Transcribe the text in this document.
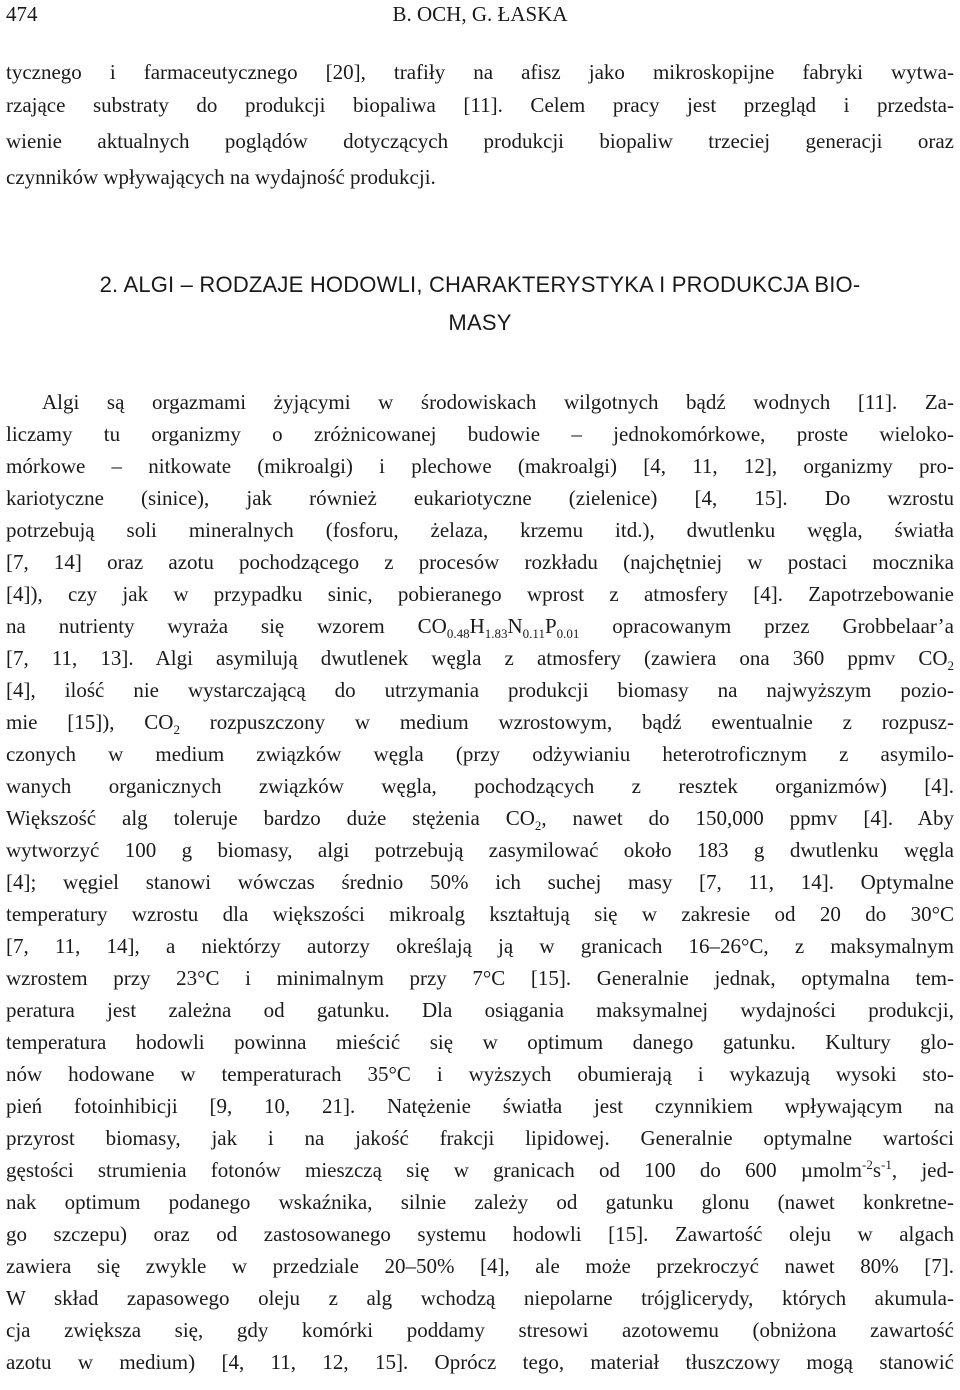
474	B. OCH, G. ŁASKA
tycznego i farmaceutycznego [20], trafiły na afisz jako mikroskopijne fabryki wytwa-
rzające substraty do produkcji biopaliwa [11]. Celem pracy jest przegląd i przedsta-
wienie aktualnych poglądów dotyczących produkcji biopaliw trzeciej generacji oraz
czynników wpływających na wydajność produkcji.
2. ALGI – RODZAJE HODOWLI, CHARAKTERYSTYKA I PRODUKCJA BIO-
MASY
Algi są orgazmami żyjącymi w środowiskach wilgotnych bądź wodnych [11]. Za-
liczamy tu organizmy o zróżnicowanej budowie – jednokomórkowe, proste wieloko-
mórkowe – nitkowate (mikroalgi) i plechowe (makroalgi) [4, 11, 12], organizmy pro-
kariotyczne (sinice), jak również eukariotyczne (zielenice) [4, 15]. Do wzrostu
potrzebują soli mineralnych (fosforu, żelaza, krzemu itd.), dwutlenku węgla, światła
[7, 14] oraz azotu pochodzącego z procesów rozkładu (najchętniej w postaci mocznika
[4]), czy jak w przypadku sinic, pobieranego wprost z atmosfery [4]. Zapotrzebowanie
na nutrienty wyraża się wzorem $CO_{0.48}H_{1.83}N_{0.11}P_{0.01}$ opracowanym przez Grobbelaar’a
[7, 11, 13]. Algi asymilują dwutlenek węgla z atmosfery (zawiera ona 360 ppmv $CO_2$
[4], ilość nie wystarczającą do utrzymania produkcji biomasy na najwyższym pozio-
mie [15]), $CO_2$ rozpuszczony w medium wzrostowym, bądź ewentualnie z rozpusz-
czonych w medium związków węgla (przy odżywianiu heterotroficznym z asymilo-
wanych organicznych związków węgla, pochodzących z resztek organizmów) [4].
Większość alg toleruje bardzo duże stężenia $CO_2$, nawet do 150,000 ppmv [4]. Aby
wytworzyć 100 g biomasy, algi potrzebują zasymilować około 183 g dwutlenku węgla
[4]; węgiel stanowi wówczas średnio 50% ich suchej masy [7, 11, 14]. Optymalne
temperatury wzrostu dla większości mikroalg kształtują się w zakresie od 20 do 30°C
[7, 11, 14], a niektórzy autorzy określają ją w granicach 16–26°C, z maksymalnym
wzrostem przy 23°C i minimalnym przy 7°C [15]. Generalnie jednak, optymalna tem-
peratura jest zależna od gatunku. Dla osiągania maksymalnej wydajności produkcji,
temperatura hodowli powinna mieścić się w optimum danego gatunku. Kultury glo-
nów hodowane w temperaturach 35°C i wyższych obumierają i wykazują wysoki sto-
pień fotoinhibicji [9, 10, 21]. Natężenie światła jest czynnikiem wpływającym na
przyrost biomasy, jak i na jakość frakcji lipidowej. Generalnie optymalne wartości
gęstości strumienia fotonów mieszczą się w granicach od 100 do 600 $\mu molm^{-2}s^{-1}$, jed-
nak optimum podanego wskaźnika, silnie zależy od gatunku glonu (nawet konkretne-
go szczepu) oraz od zastosowanego systemu hodowli [15]. Zawartość oleju w algach
zawiera się zwykle w przedziale 20–50% [4], ale może przekroczyć nawet 80% [7].
W skład zapasowego oleju z alg wchodzą niepolarne trójglicerydy, których akumula-
cja zwiększa się, gdy komórki poddamy stresowi azotowemu (obniżona zawartość
azotu w medium) [4, 11, 12, 15]. Oprócz tego, materiał tłuszczowy mogą stanowić
